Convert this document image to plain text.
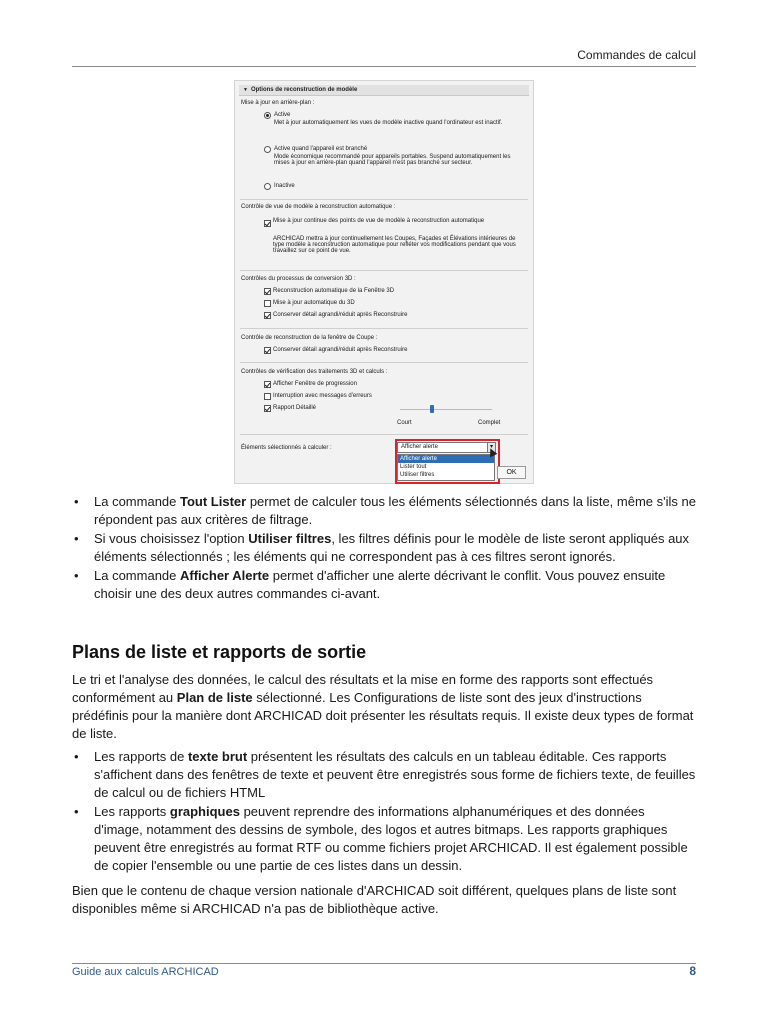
Commandes de calcul
▼ Options de reconstruction de modèle
Mise à jour en arrière-plan :
Active
Met à jour automatiquement les vues de modèle inactive quand l'ordinateur est inactif.
Active quand l'appareil est branché
Mode économique recommandé pour appareils portables. Suspend automatiquement les mises à jour en arrière-plan quand l'appareil n'est pas branché sur secteur.
Inactive
Contrôle de vue de modèle à reconstruction automatique :
Mise à jour continue des points de vue de modèle à reconstruction automatique
ARCHICAD mettra à jour continuellement les Coupes, Façades et Élévations intérieures de type modèle à reconstruction automatique pour refléter vos modifications pendant que vous travaillez sur ce point de vue.
Contrôles du processus de conversion 3D :
Reconstruction automatique de la Fenêtre 3D
Mise à jour automatique du 3D
Conserver détail agrandi/réduit après Reconstruire
Contrôle de reconstruction de la fenêtre de Coupe :
Conserver détail agrandi/réduit après Reconstruire
Contrôles de vérification des traitements 3D et calculs :
Afficher Fenêtre de progression
Interruption avec messages d'erreurs
Rapport Détaillé
Court	Complet
Éléments sélectionnés à calculer :	Afficher alerte	▾
Afficher alerte
Lister tout
Utiliser filtres	OK
• La commande Tout Lister permet de calculer tous les éléments sélectionnés dans la liste, même s'ils ne répondent pas aux critères de filtrage.
• Si vous choisissez l'option Utiliser filtres, les filtres définis pour le modèle de liste seront appliqués aux éléments sélectionnés ; les éléments qui ne correspondent pas à ces filtres seront ignorés.
• La commande Afficher Alerte permet d'afficher une alerte décrivant le conflit. Vous pouvez ensuite choisir une des deux autres commandes ci-avant.
Plans de liste et rapports de sortie

Le tri et l'analyse des données, le calcul des résultats et la mise en forme des rapports sont effectués conformément au Plan de liste sélectionné. Les Configurations de liste sont des jeux d'instructions prédéfinis pour la manière dont ARCHICAD doit présenter les résultats requis. Il existe deux types de format de liste.

• Les rapports de texte brut présentent les résultats des calculs en un tableau éditable. Ces rapports s'affichent dans des fenêtres de texte et peuvent être enregistrés sous forme de fichiers texte, de feuilles de calcul ou de fichiers HTML
• Les rapports graphiques peuvent reprendre des informations alphanumériques et des données d'image, notamment des dessins de symbole, des logos et autres bitmaps. Les rapports graphiques peuvent être enregistrés au format RTF ou comme fichiers projet ARCHICAD. Il est également possible de copier l'ensemble ou une partie de ces listes dans un dessin.

Bien que le contenu de chaque version nationale d'ARCHICAD soit différent, quelques plans de liste sont disponibles même si ARCHICAD n'a pas de bibliothèque active.

Guide aux calculs ARCHICAD	8
